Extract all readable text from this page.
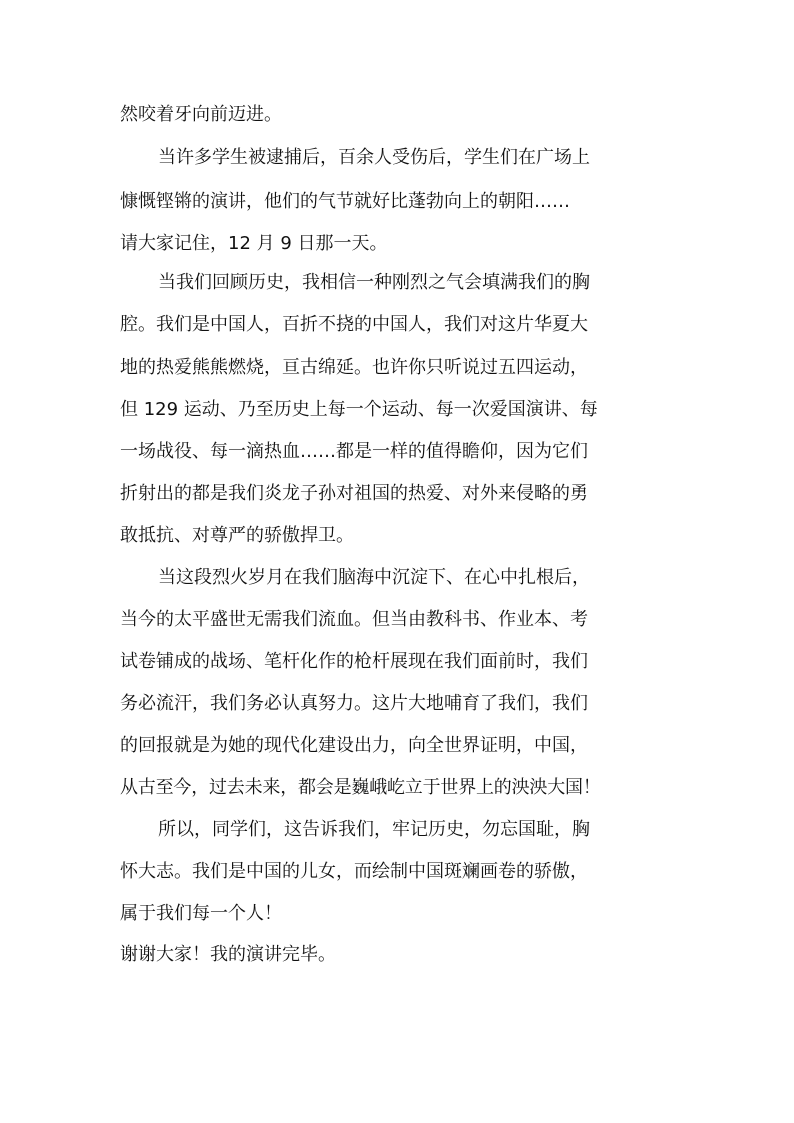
然咬着牙向前迈进。

当许多学生被逮捕后，百余人受伤后，学生们在广场上

慷慨铿锵的演讲，他们的气节就好比蓬勃向上的朝阳……

请大家记住，12 月 9 日那一天。

当我们回顾历史，我相信一种刚烈之气会填满我们的胸

腔。我们是中国人，百折不挠的中国人，我们对这片华夏大

地的热爱熊熊燃烧，亘古绵延。也许你只听说过五四运动，

但 129 运动、乃至历史上每一个运动、每一次爱国演讲、每

一场战役、每一滴热血……都是一样的值得瞻仰，因为它们

折射出的都是我们炎龙子孙对祖国的热爱、对外来侵略的勇

敢抵抗、对尊严的骄傲捍卫。

当这段烈火岁月在我们脑海中沉淀下、在心中扎根后，

当今的太平盛世无需我们流血。但当由教科书、作业本、考

试卷铺成的战场、笔杆化作的枪杆展现在我们面前时，我们

务必流汗，我们务必认真努力。这片大地哺育了我们，我们

的回报就是为她的现代化建设出力，向全世界证明，中国，

从古至今，过去未来，都会是巍峨屹立于世界上的泱泱大国！

所以，同学们，这告诉我们，牢记历史，勿忘国耻，胸

怀大志。我们是中国的儿女，而绘制中国斑斓画卷的骄傲，

属于我们每一个人！

谢谢大家！我的演讲完毕。
